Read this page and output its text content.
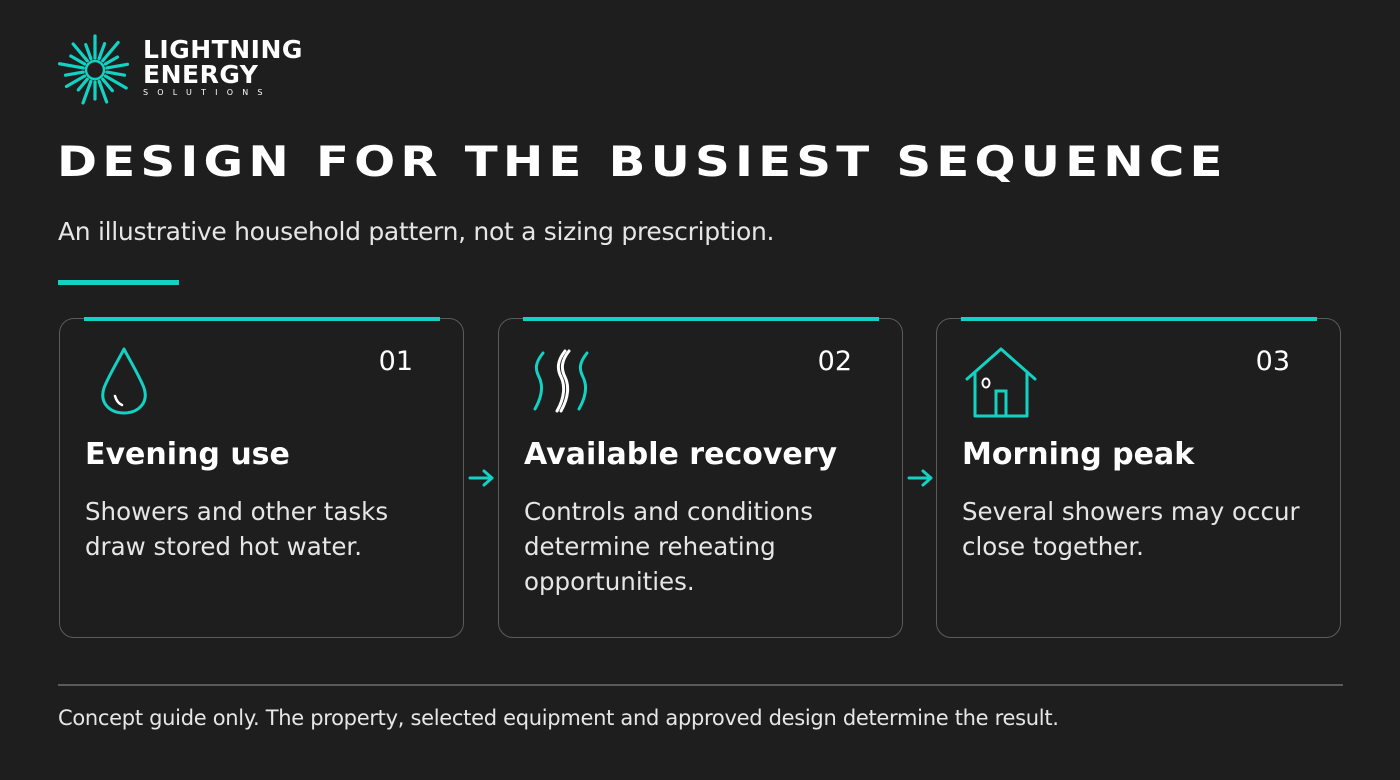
LIGHTNING
ENERGY
SOLUTIONS
DESIGN FOR THE BUSIEST SEQUENCE
An illustrative household pattern, not a sizing prescription.
01
Evening use
Showers and other tasks draw stored hot water.
02
Available recovery
Controls and conditions determine reheating opportunities.
03
Morning peak
Several showers may occur close together.
Concept guide only. The property, selected equipment and approved design determine the result.
